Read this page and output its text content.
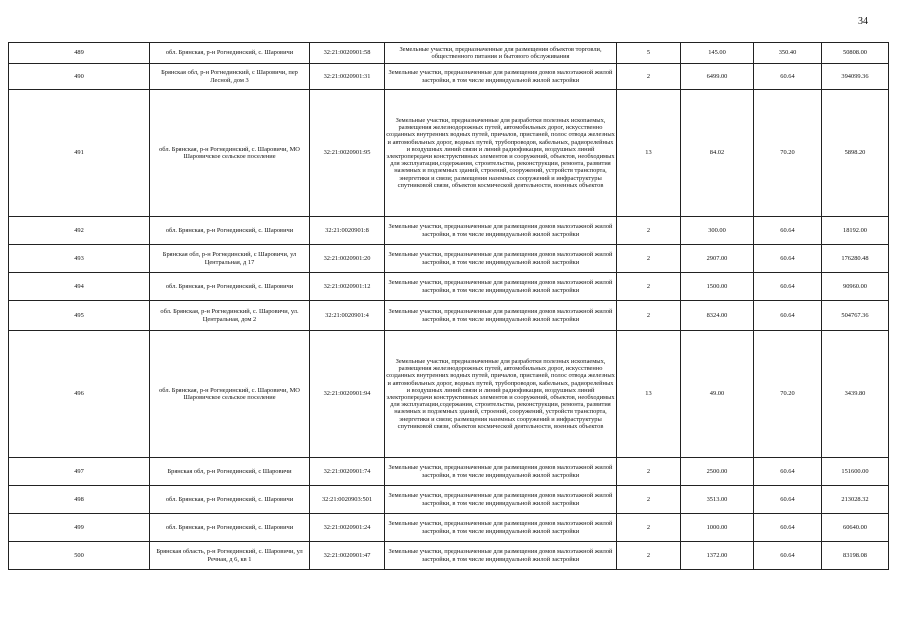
34
489	обл. Брянская, р-н Рогнединский, с. Шаровичи	32:21:0020901:58	Земельные участки, предназначенные для размещения объектов торговли, общественного питания и бытового обслуживания	5	145.00	350.40	50808.00
490	Брянская обл, р-н Рогнединский, с Шаровичи, пер Лесной, дом 3	32:21:0020901:31	Земельные участки, предназначенные для размещения домов малоэтажной жилой застройки, в том числе индивидуальной жилой застройки	2	6499.00	60.64	394099.36
491	обл. Брянская, р-н Рогнединский, с. Шаровичи, МО Шаровичское сельское поселение	32:21:0020901:95	Земельные участки, предназначенные для разработки полезных ископаемых, размещения железнодорожных путей, автомобильных дорог, искусственно созданных внутренних водных путей, причалов, пристаней, полос отвода железных и автомобильных дорог, водных путей, трубопроводов, кабельных, радиорелейных и воздушных линий связи и линий радиофикации, воздушных линий электропередачи конструктивных элементов и сооружений, объектов, необходимых для эксплуатации,содержания, строительства, реконструкции, ремонта, развития наземных и подземных зданий, строений, сооружений, устройств транспорта, энергетики и связи; размещения наземных сооружений и инфраструктуры спутниковой связи, объектов космической деятельности, военных объектов	13	84.02	70.20	5898.20
492	обл. Брянская, р-н Рогнединский, с. Шаровичи	32:21:0020901:8	Земельные участки, предназначенные для размещения домов малоэтажной жилой застройки, в том числе индивидуальной жилой застройки	2	300.00	60.64	18192.00
493	Брянская обл, р-н Рогнединский, с Шаровичи, ул Центральная, д 17	32:21:0020901:20	Земельные участки, предназначенные для размещения домов малоэтажной жилой застройки, в том числе индивидуальной жилой застройки	2	2907.00	60.64	176280.48
494	обл. Брянская, р-н Рогнединский, с. Шаровичи	32:21:0020901:12	Земельные участки, предназначенные для размещения домов малоэтажной жилой застройки, в том числе индивидуальной жилой застройки	2	1500.00	60.64	90960.00
495	обл. Брянская, р-н Рогнединский, с. Шаровичи, ул. Центральная, дом 2	32:21:0020901:4	Земельные участки, предназначенные для размещения домов малоэтажной жилой застройки, в том числе индивидуальной жилой застройки	2	8324.00	60.64	504767.36
496	обл. Брянская, р-н Рогнединский, с. Шаровичи, МО Шаровичское сельское поселение	32:21:0020901:94	Земельные участки, предназначенные для разработки полезных ископаемых, размещения железнодорожных путей, автомобильных дорог, искусственно созданных внутренних водных путей, причалов, пристаней, полос отвода железных и автомобильных дорог, водных путей, трубопроводов, кабельных, радиорелейных и воздушных линий связи и линий радиофикации, воздушных линий электропередачи конструктивных элементов и сооружений, объектов, необходимых для эксплуатации,содержания, строительства, реконструкции, ремонта, развития наземных и подземных зданий, строений, сооружений, устройств транспорта, энергетики и связи; размещения наземных сооружений и инфраструктуры спутниковой связи, объектов космической деятельности, военных объектов	13	49.00	70.20	3439.80
497	Брянская обл, р-н Рогнединский, с Шаровичи	32:21:0020901:74	Земельные участки, предназначенные для размещения домов малоэтажной жилой застройки, в том числе индивидуальной жилой застройки	2	2500.00	60.64	151600.00
498	обл. Брянская, р-н Рогнединский, с. Шаровичи	32:21:0020903:501	Земельные участки, предназначенные для размещения домов малоэтажной жилой застройки, в том числе индивидуальной жилой застройки	2	3513.00	60.64	213028.32
499	обл. Брянская, р-н Рогнединский, с. Шаровичи	32:21:0020901:24	Земельные участки, предназначенные для размещения домов малоэтажной жилой застройки, в том числе индивидуальной жилой застройки	2	1000.00	60.64	60640.00
500	Брянская область, р-н Рогнединский, с. Шаровичи, ул Речная, д 6, кв 1	32:21:0020901:47	Земельные участки, предназначенные для размещения домов малоэтажной жилой застройки, в том числе индивидуальной жилой застройки	2	1372.00	60.64	83198.08
